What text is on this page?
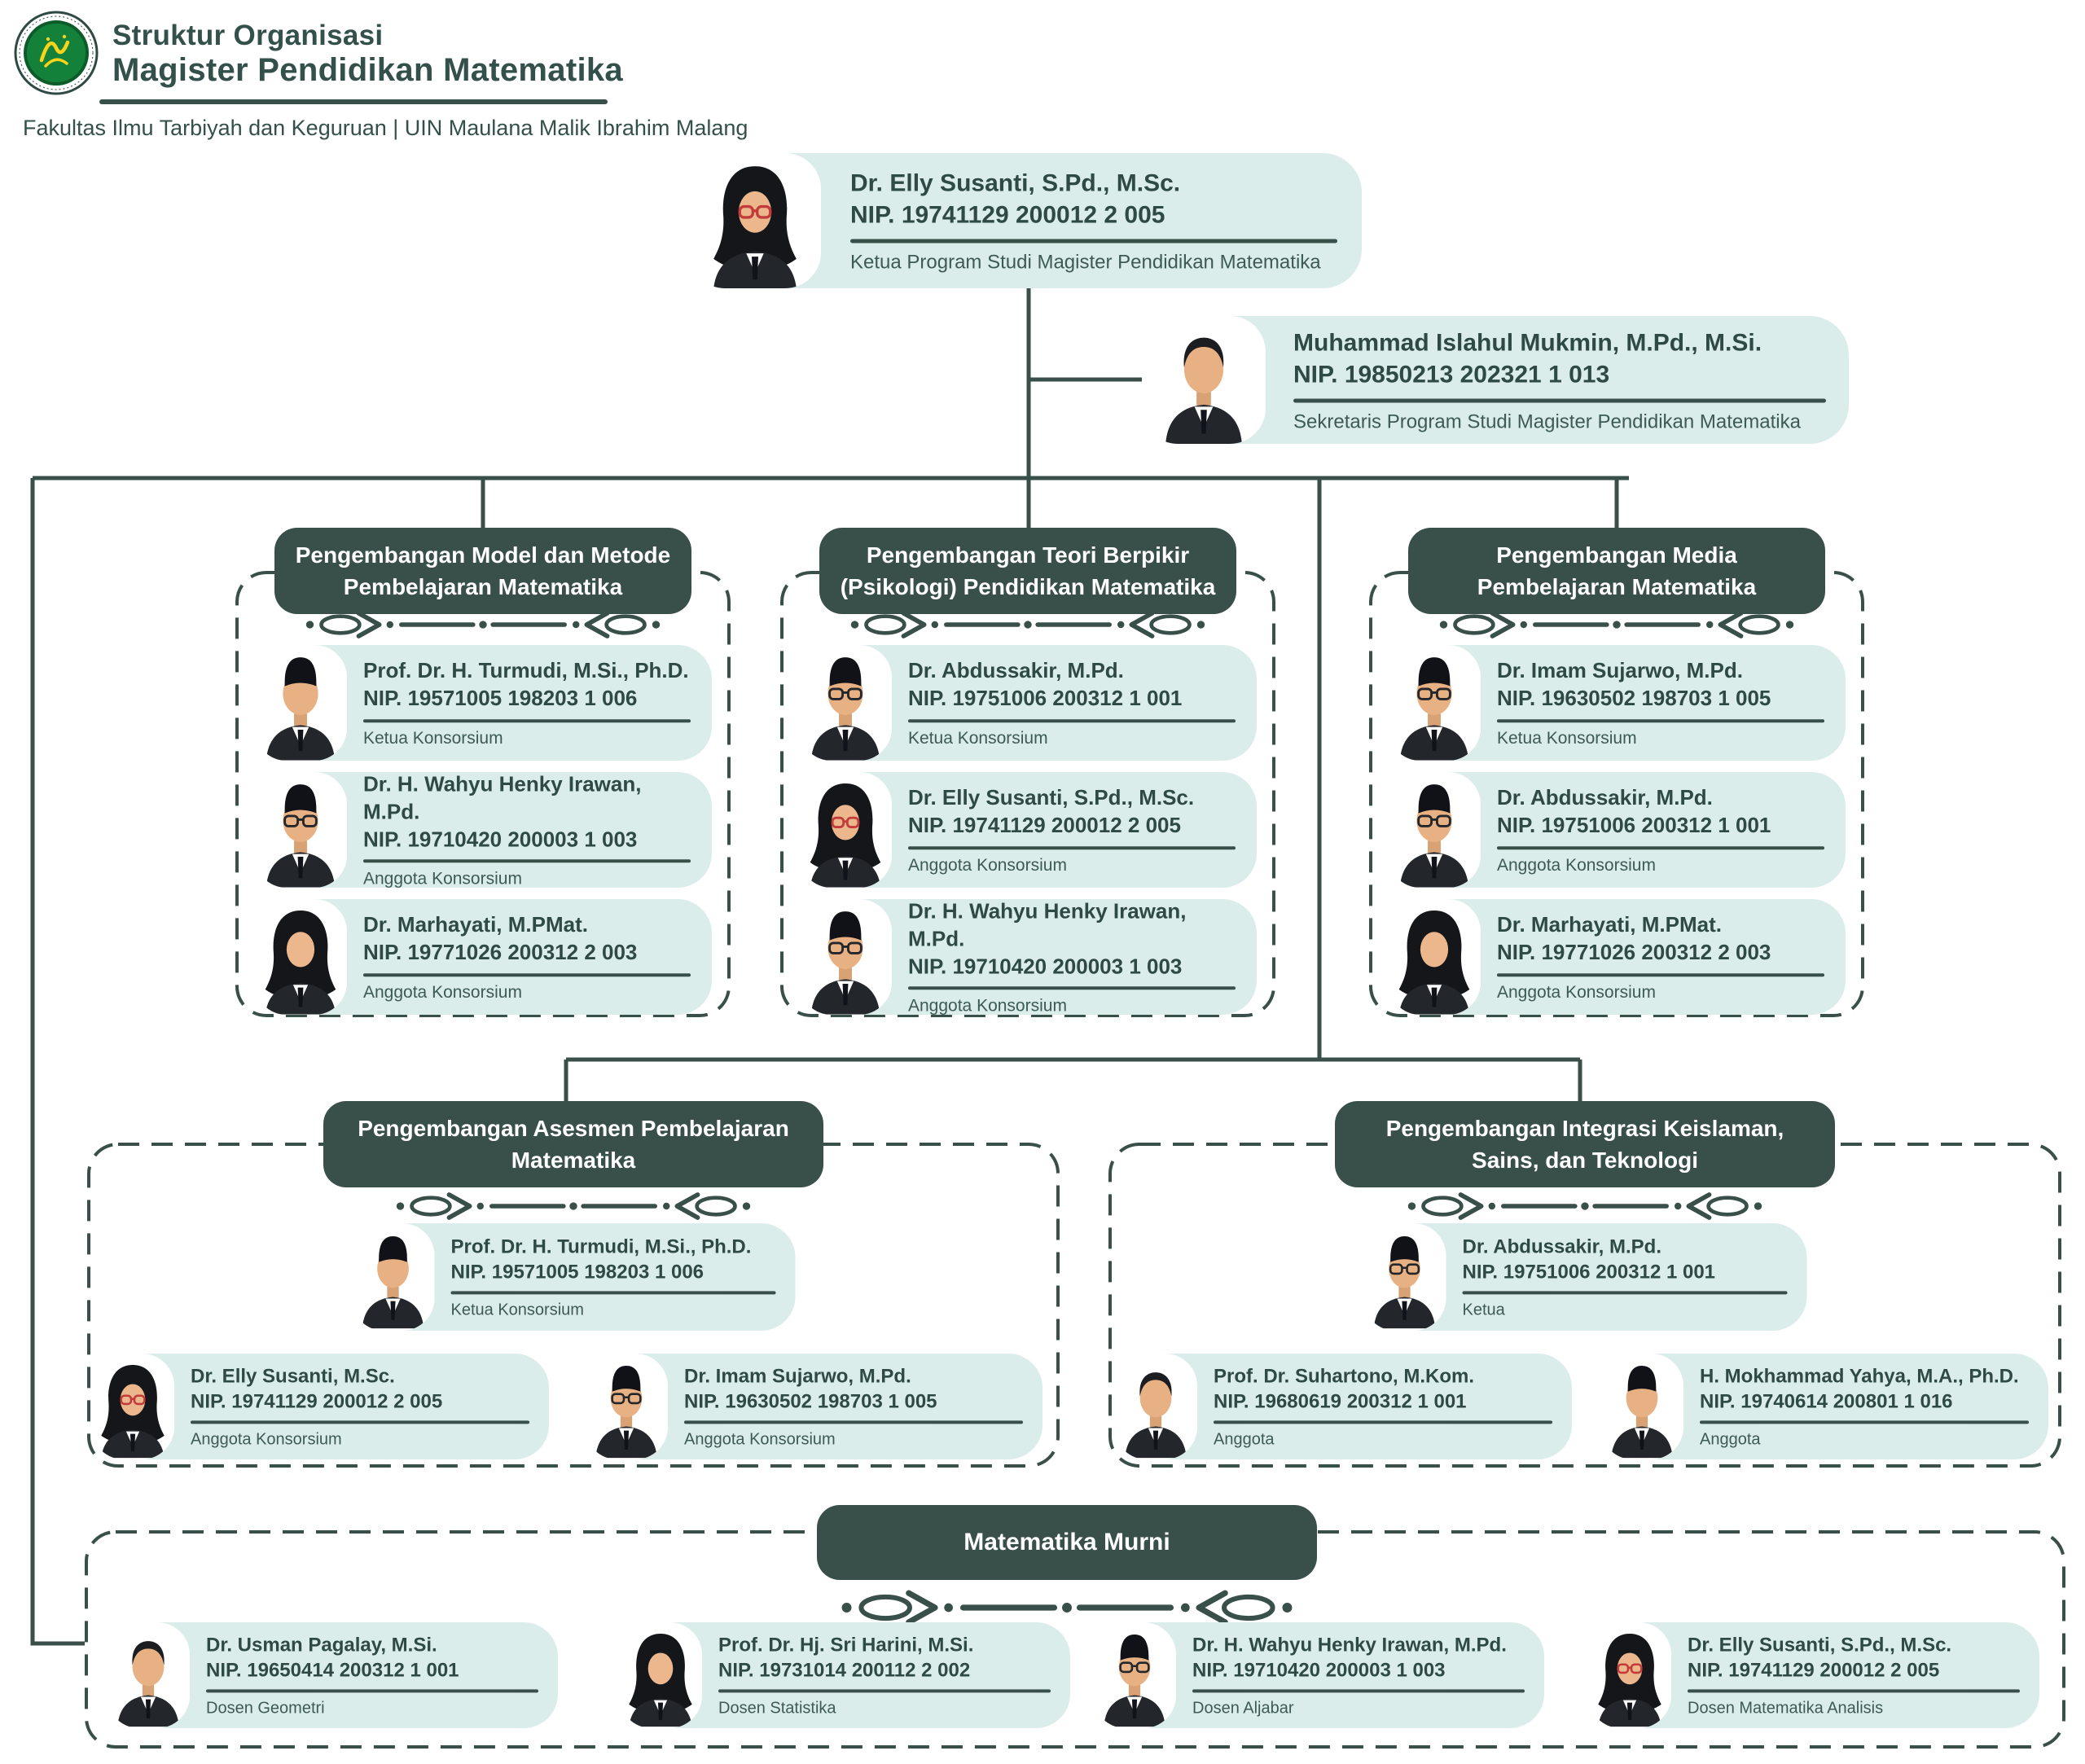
Struktur Organisasi
Magister Pendidikan Matematika
Fakultas Ilmu Tarbiyah dan Keguruan | UIN Maulana Malik Ibrahim Malang
Dr. Elly Susanti, S.Pd., M.Sc.
NIP. 19741129 200012 2 005
Ketua Program Studi Magister Pendidikan Matematika
Muhammad Islahul Mukmin, M.Pd., M.Si.
NIP. 19850213 202321 1 013
Sekretaris Program Studi Magister Pendidikan Matematika
Pengembangan Model dan Metode Pembelajaran Matematika
Prof. Dr. H. Turmudi, M.Si., Ph.D.
NIP. 19571005 198203 1 006
Ketua Konsorsium
Dr. H. Wahyu Henky Irawan, M.Pd.
NIP. 19710420 200003 1 003
Anggota Konsorsium
Dr. Marhayati, M.PMat.
NIP. 19771026 200312 2 003
Anggota Konsorsium
Pengembangan Teori Berpikir (Psikologi) Pendidikan Matematika
Dr. Abdussakir, M.Pd.
NIP. 19751006 200312 1 001
Ketua Konsorsium
Dr. Elly Susanti, S.Pd., M.Sc.
NIP. 19741129 200012 2 005
Anggota Konsorsium
Dr. H. Wahyu Henky Irawan, M.Pd.
NIP. 19710420 200003 1 003
Anggota Konsorsium
Pengembangan Media Pembelajaran Matematika
Dr. Imam Sujarwo, M.Pd.
NIP. 19630502 198703 1 005
Ketua Konsorsium
Dr. Abdussakir, M.Pd.
NIP. 19751006 200312 1 001
Anggota Konsorsium
Dr. Marhayati, M.PMat.
NIP. 19771026 200312 2 003
Anggota Konsorsium
Pengembangan Asesmen Pembelajaran Matematika
Prof. Dr. H. Turmudi, M.Si., Ph.D.
NIP. 19571005 198203 1 006
Ketua Konsorsium
Dr. Elly Susanti, M.Sc.
NIP. 19741129 200012 2 005
Anggota Konsorsium
Dr. Imam Sujarwo, M.Pd.
NIP. 19630502 198703 1 005
Anggota Konsorsium
Pengembangan Integrasi Keislaman, Sains, dan Teknologi
Dr. Abdussakir, M.Pd.
NIP. 19751006 200312 1 001
Ketua
Prof. Dr. Suhartono, M.Kom.
NIP. 19680619 200312 1 001
Anggota
H. Mokhammad Yahya, M.A., Ph.D.
NIP. 19740614 200801 1 016
Anggota
Matematika Murni
Dr. Usman Pagalay, M.Si.
NIP. 19650414 200312 1 001
Dosen Geometri
Prof. Dr. Hj. Sri Harini, M.Si.
NIP. 19731014 200112 2 002
Dosen Statistika
Dr. H. Wahyu Henky Irawan, M.Pd.
NIP. 19710420 200003 1 003
Dosen Aljabar
Dr. Elly Susanti, S.Pd., M.Sc.
NIP. 19741129 200012 2 005
Dosen Matematika Analisis
